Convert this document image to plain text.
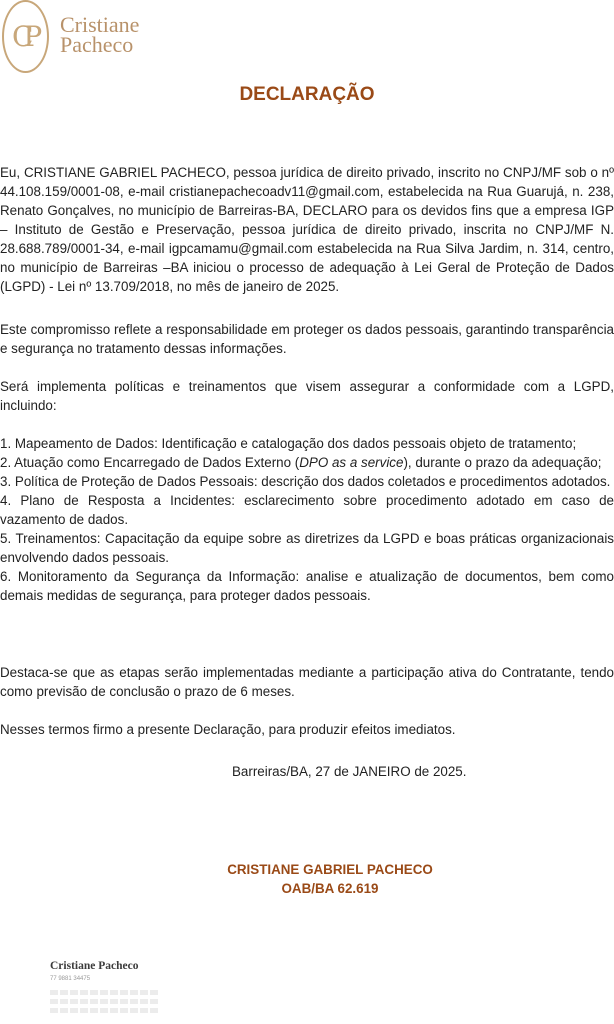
CP Cristiane
Pacheco
DECLARAÇÃO

Eu, CRISTIANE GABRIEL PACHECO, pessoa jurídica de direito privado, inscrito no CNPJ/MF sob o nº 44.108.159/0001-08, e-mail cristianepachecoadv11@gmail.com, estabelecida na Rua Guarujá, n. 238, Renato Gonçalves, no município de Barreiras-BA, DECLARO para os devidos fins que a empresa IGP – Instituto de Gestão e Preservação, pessoa jurídica de direito privado, inscrita no CNPJ/MF N. 28.688.789/0001-34, e-mail igpcamamu@gmail.com estabelecida na Rua Silva Jardim, n. 314, centro, no município de Barreiras –BA iniciou o processo de adequação à Lei Geral de Proteção de Dados (LGPD) - Lei nº 13.709/2018, no mês de janeiro de 2025.

Este compromisso reflete a responsabilidade em proteger os dados pessoais, garantindo transparência e segurança no tratamento dessas informações.

Será implementa políticas e treinamentos que visem assegurar a conformidade com a LGPD, incluindo:

1. Mapeamento de Dados: Identificação e catalogação dos dados pessoais objeto de tratamento;

2. Atuação como Encarregado de Dados Externo (DPO as a service), durante o prazo da adequação;

3. Política de Proteção de Dados Pessoais: descrição dos dados coletados e procedimentos adotados.

4. Plano de Resposta a Incidentes: esclarecimento sobre procedimento adotado em caso de vazamento de dados.

5. Treinamentos: Capacitação da equipe sobre as diretrizes da LGPD e boas práticas organizacionais envolvendo dados pessoais.

6. Monitoramento da Segurança da Informação: analise e atualização de documentos, bem como demais medidas de segurança, para proteger dados pessoais.

Destaca-se que as etapas serão implementadas mediante a participação ativa do Contratante, tendo como previsão de conclusão o prazo de 6 meses.

Nesses termos firmo a presente Declaração, para produzir efeitos imediatos.

Barreiras/BA, 27 de JANEIRO de 2025.
CRISTIANE GABRIEL PACHECO
OAB/BA 62.619
Cristiane Pacheco
77 9881 34475
